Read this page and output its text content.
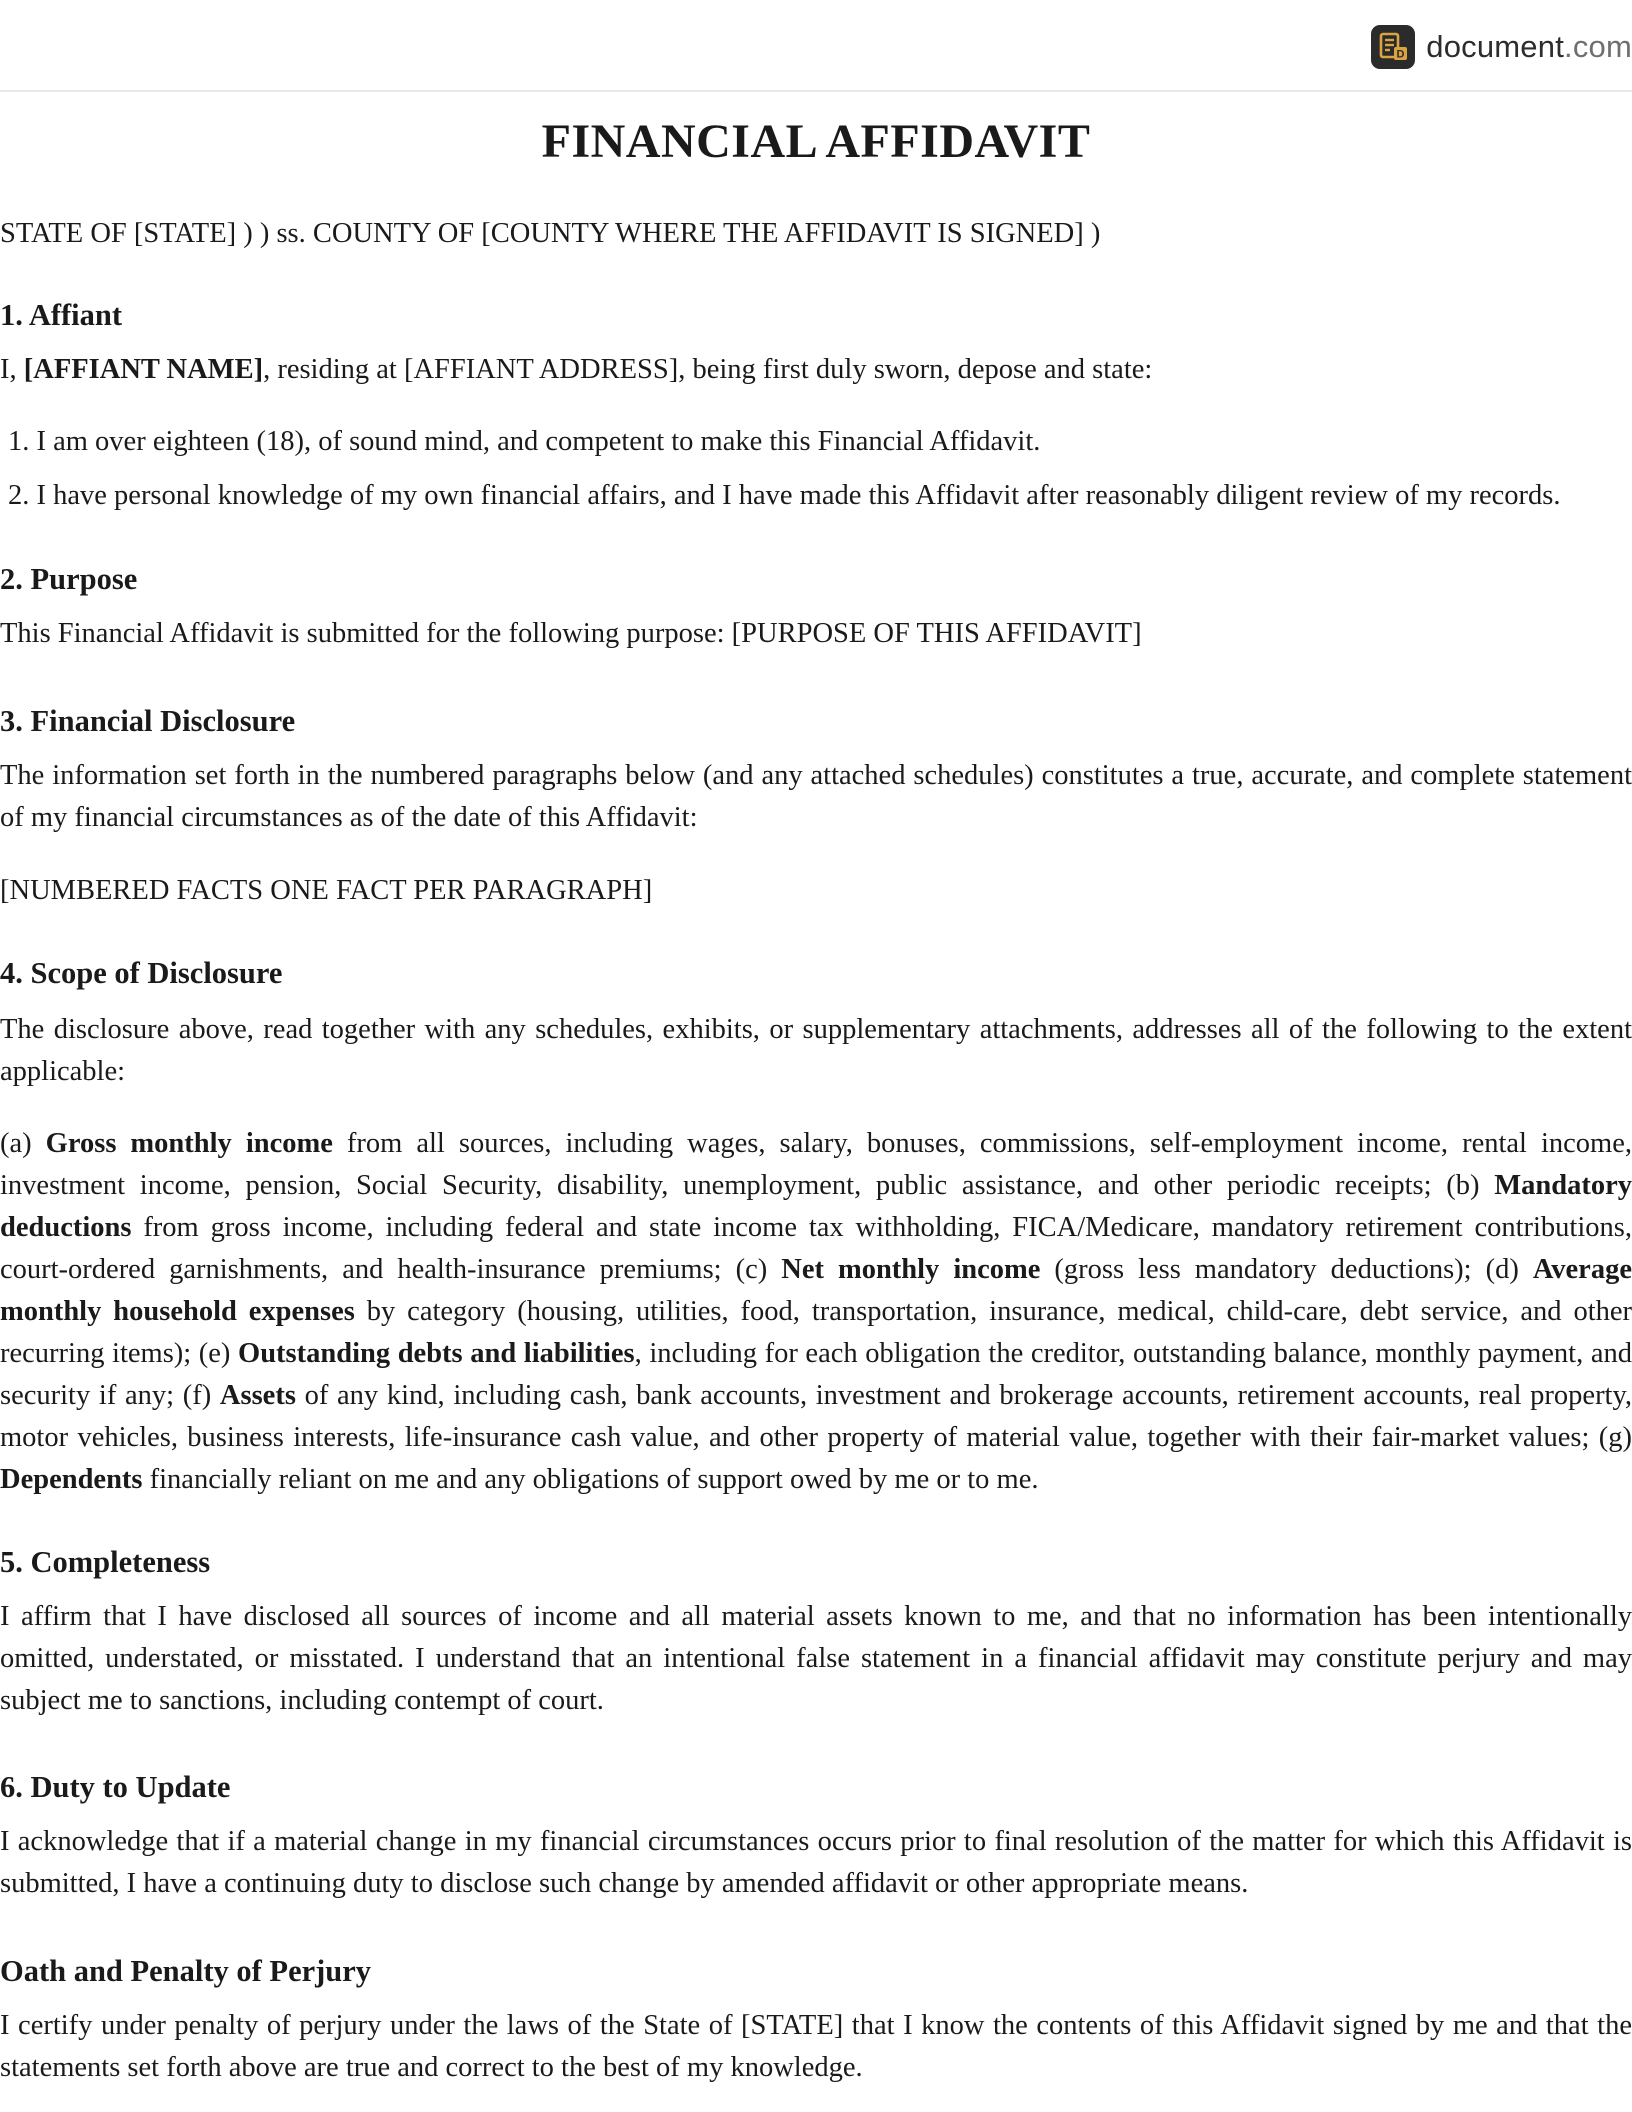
D document.com
FINANCIAL AFFIDAVIT

STATE OF [STATE] ) ) ss. COUNTY OF [COUNTY WHERE THE AFFIDAVIT IS SIGNED] )

1. Affiant

I, [AFFIANT NAME], residing at [AFFIANT ADDRESS], being first duly sworn, depose and state:

1. I am over eighteen (18), of sound mind, and competent to make this Financial Affidavit.
2. I have personal knowledge of my own financial affairs, and I have made this Affidavit after reasonably diligent review of my records.
2. Purpose

This Financial Affidavit is submitted for the following purpose: [PURPOSE OF THIS AFFIDAVIT]

3. Financial Disclosure

The information set forth in the numbered paragraphs below (and any attached schedules) constitutes a true, accurate, and complete statement of my financial circumstances as of the date of this Affidavit:

[NUMBERED FACTS ONE FACT PER PARAGRAPH]

4. Scope of Disclosure

The disclosure above, read together with any schedules, exhibits, or supplementary attachments, addresses all of the following to the extent applicable:

(a) Gross monthly income from all sources, including wages, salary, bonuses, commissions, self-employment income, rental income, investment income, pension, Social Security, disability, unemployment, public assistance, and other periodic receipts; (b) Mandatory deductions from gross income, including federal and state income tax withholding, FICA/Medicare, mandatory retirement contributions, court-ordered garnishments, and health-insurance premiums; (c) Net monthly income (gross less mandatory deductions); (d) Average monthly household expenses by category (housing, utilities, food, transportation, insurance, medical, child-care, debt service, and other recurring items); (e) Outstanding debts and liabilities, including for each obligation the creditor, outstanding balance, monthly payment, and security if any; (f) Assets of any kind, including cash, bank accounts, investment and brokerage accounts, retirement accounts, real property, motor vehicles, business interests, life-insurance cash value, and other property of material value, together with their fair-market values; (g) Dependents financially reliant on me and any obligations of support owed by me or to me.

5. Completeness

I affirm that I have disclosed all sources of income and all material assets known to me, and that no information has been intentionally omitted, understated, or misstated. I understand that an intentional false statement in a financial affidavit may constitute perjury and may subject me to sanctions, including contempt of court.

6. Duty to Update

I acknowledge that if a material change in my financial circumstances occurs prior to final resolution of the matter for which this Affidavit is submitted, I have a continuing duty to disclose such change by amended affidavit or other appropriate means.

Oath and Penalty of Perjury

I certify under penalty of perjury under the laws of the State of [STATE] that I know the contents of this Affidavit signed by me and that the statements set forth above are true and correct to the best of my knowledge.
